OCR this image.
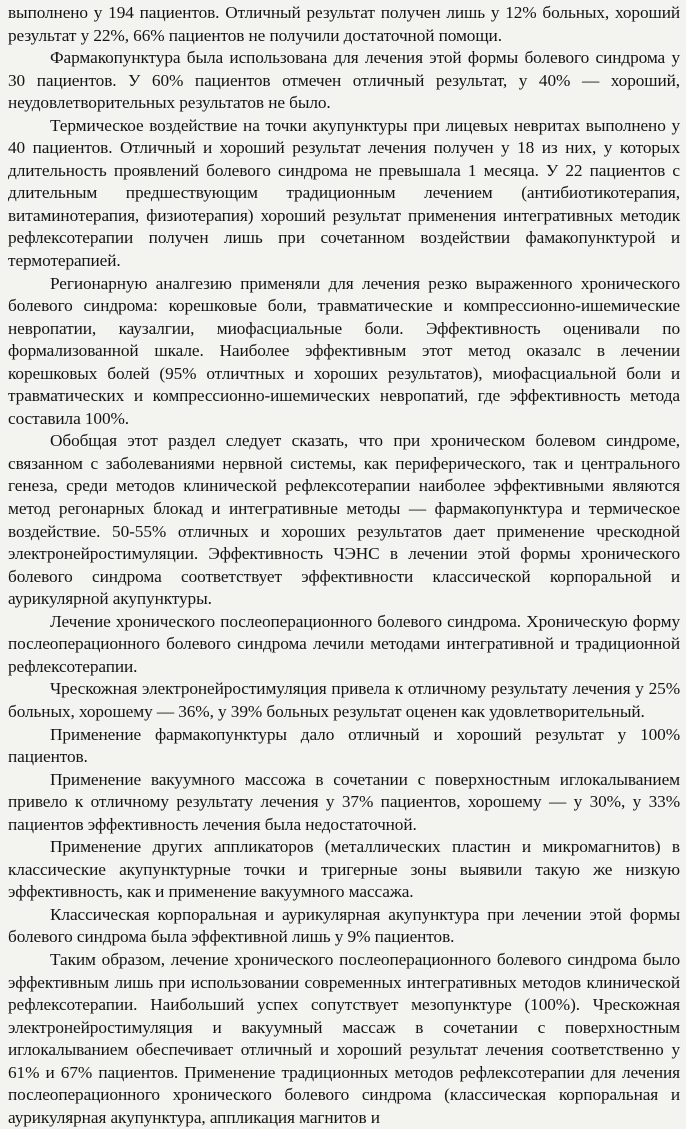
выполнено у 194 пациентов. Отличный результат получен лишь у 12% больных, хороший результат у 22%, 66% пациентов не получили достаточной помощи.

Фармакопунктура была использована для лечения этой формы болевого синдрома у 30 пациентов. У 60% пациентов отмечен отличный результат, у 40% — хороший, неудовлетворительных результатов не было.

Термическое воздействие на точки акупунктуры при лицевых невритах выполнено у 40 пациентов. Отличный и хороший результат лечения получен у 18 из них, у которых длительность проявлений болевого синдрома не превышала 1 месяца. У 22 пациентов с длительным предшествующим традиционным лечением (антибиотикотерапия, витаминотерапия, физиотерапия) хороший результат применения интегративных методик рефлексотерапии получен лишь при сочетанном воздействии фамакопунктурой и термотерапией.

Регионарную аналгезию применяли для лечения резко выраженного хронического болевого синдрома: корешковые боли, травматические и компрессионно-ишемические невропатии, каузалгии, миофасциальные боли. Эффективность оценивали по формализованной шкале. Наиболее эффективным этот метод оказалс в лечении корешковых болей (95% отличтных и хороших результатов), миофасциальной боли и травматических и компрессионно-ишемических невропатий, где эффективность метода составила 100%.

Обобщая этот раздел следует сказать, что при хроническом болевом синдроме, связанном с заболеваниями нервной системы, как периферического, так и центрального генеза, среди методов клинической рефлексотерапии наиболее эффективными являются метод регонарных блокад и интегративные методы — фармакопунктура и термическое воздействие. 50-55% отличных и хороших результатов дает применение чрескодной электронейростимуляции. Эффективность ЧЭНС в лечении этой формы хронического болевого синдрома соответствует эффективности классической корпоральной и аурикулярной акупунктуры.

Лечение хронического послеоперационного болевого синдрома. Хроническую форму послеоперационного болевого синдрома лечили методами интегративной и традиционной рефлексотерапии.

Чрескожная электронейростимуляция привела к отличному результату лечения у 25% больных, хорошему — 36%, у 39% больных результат оценен как удовлетворительный.

Применение фармакопунктуры дало отличный и хороший результат у 100% пациентов.

Применение вакуумного массожа в сочетании с поверхностным иглокалыванием привело к отличному результату лечения у 37% пациентов, хорошему — у 30%, у 33% пациентов эффективность лечения была недостаточной.

Применение других аппликаторов (металлических пластин и микромагнитов) в классические акупунктурные точки и тригерные зоны выявили такую же низкую эффективность, как и применение вакуумного массажа.

Классическая корпоральная и аурикулярная акупунктура при лечении этой формы болевого синдрома была эффективной лишь у 9% пациентов.

Таким образом, лечение хронического послеоперационного болевого синдрома было эффективным лишь при использовании современных интегративных методов клинической рефлексотерапии. Наибольший успех сопутствует мезопунктуре (100%). Чрескожная электронейростимуляция и вакуумный массаж в сочетании с поверхностным иглокалыванием обеспечивает отличный и хороший результат лечения соответственно у 61% и 67% пациентов. Применение традиционных методов рефлексотерапии для лечения послеоперационного хронического болевого синдрома (классическая корпоральная и аурикулярная акупунктура, аппликация магнитов и
